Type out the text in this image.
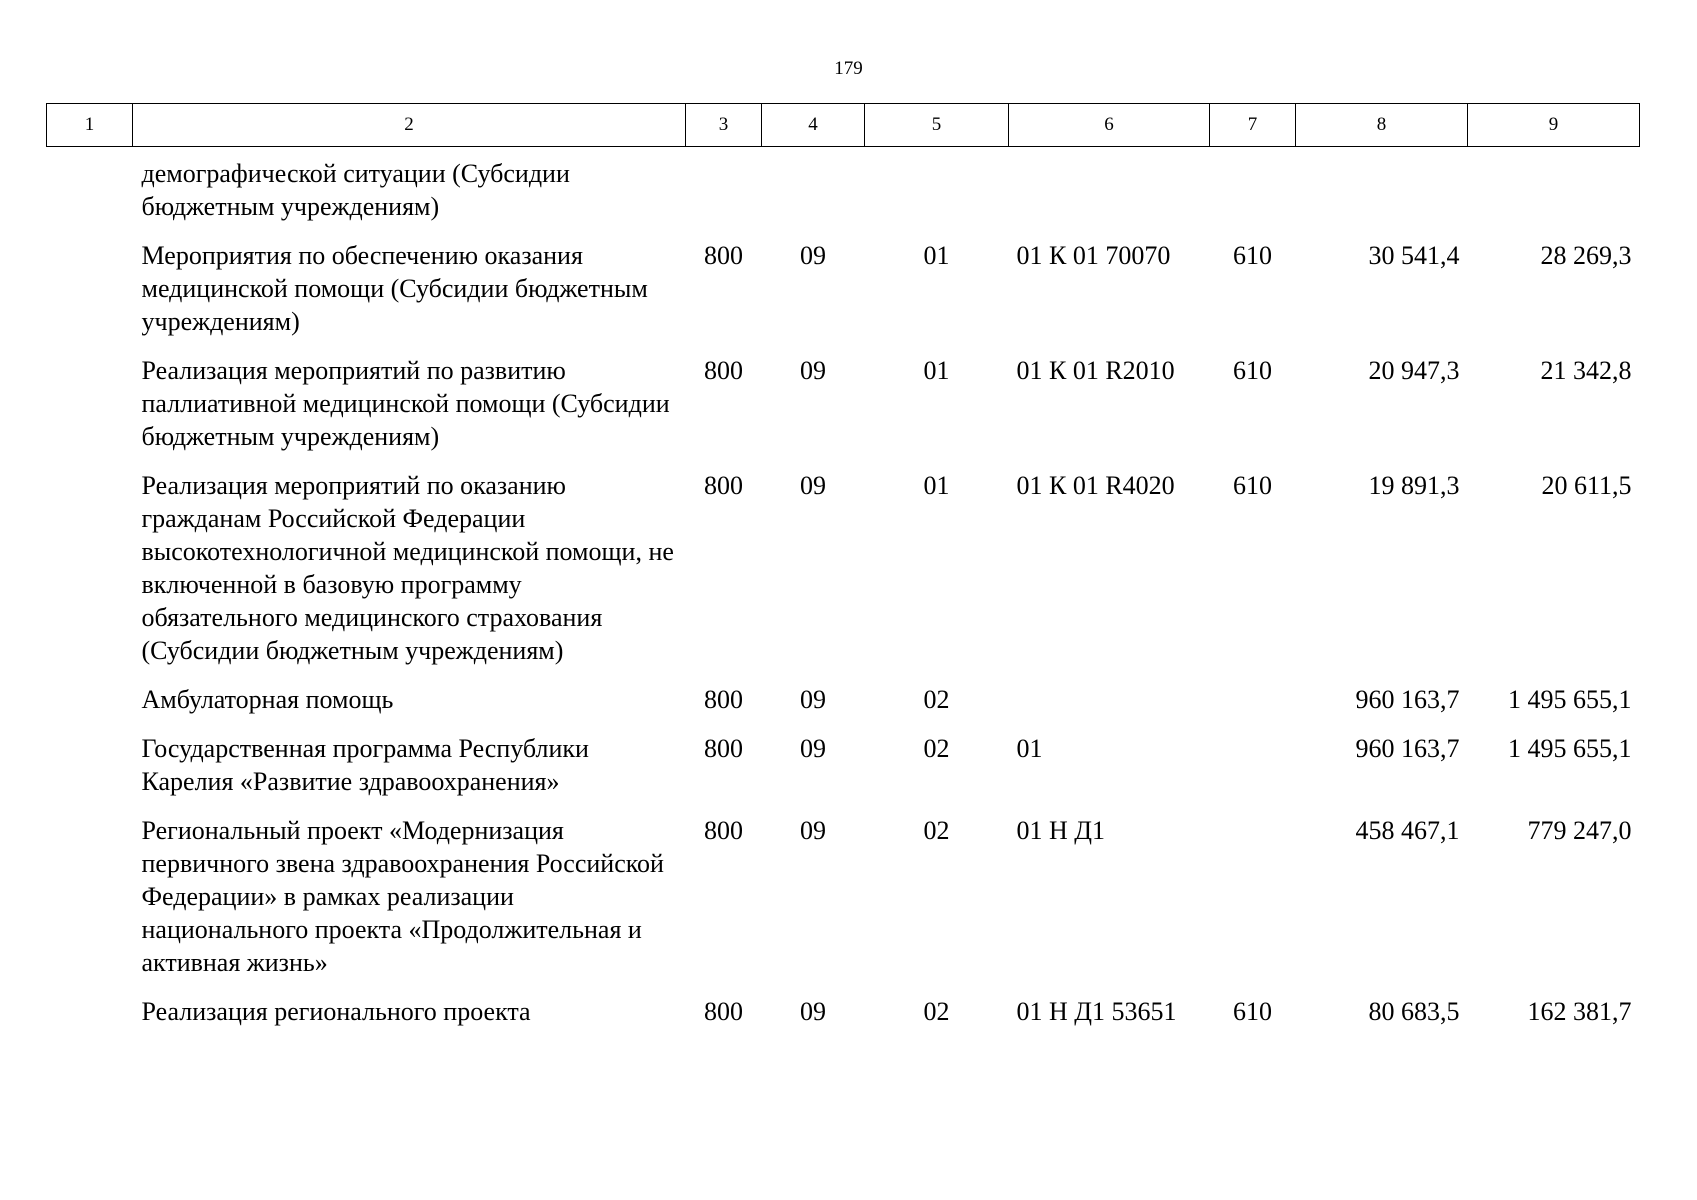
179
1	2	3	4	5	6	7	8	9
	демографической ситуации (Субсидии бюджетным учреждениям)							
	Мероприятия по обеспечению оказания медицинской помощи (Субсидии бюджетным учреждениям)	800	09	01	01 К 01 70070	610	30 541,4	28 269,3
	Реализация мероприятий по развитию паллиативной медицинской помощи (Субсидии бюджетным учреждениям)	800	09	01	01 К 01 R2010	610	20 947,3	21 342,8
	Реализация мероприятий по оказанию гражданам Российской Федерации высокотехнологичной медицинской помощи, не включенной в базовую программу обязательного медицинского страхования (Субсидии бюджетным учреждениям)	800	09	01	01 К 01 R4020	610	19 891,3	20 611,5
	Амбулаторная помощь	800	09	02			960 163,7	1 495 655,1
	Государственная программа Республики Карелия «Развитие здравоохранения»	800	09	02	01		960 163,7	1 495 655,1
	Региональный проект «Модернизация первичного звена здравоохранения Российской Федерации» в рамках реализации национального проекта «Продолжительная и активная жизнь»	800	09	02	01 Н Д1		458 467,1	779 247,0
	Реализация регионального проекта	800	09	02	01 Н Д1 53651	610	80 683,5	162 381,7
